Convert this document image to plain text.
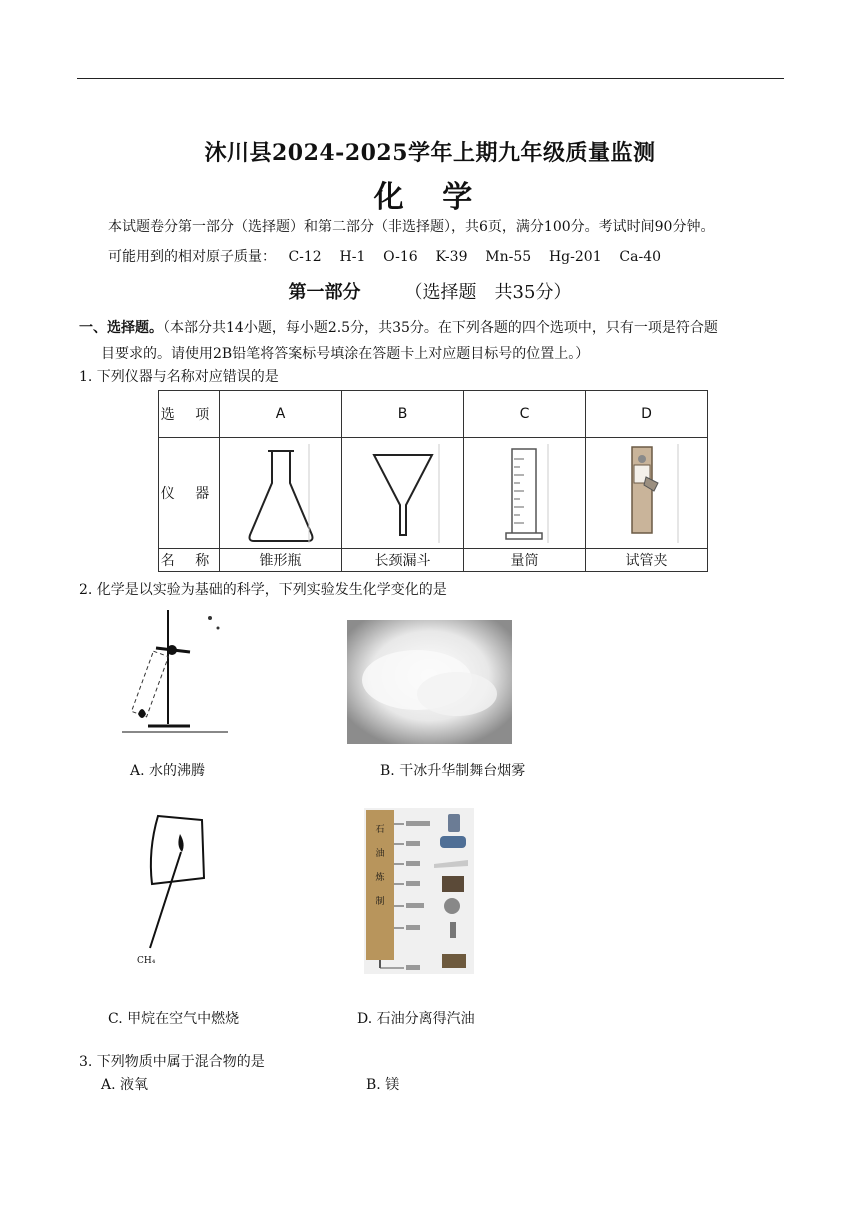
沐川县2024-2025学年上期九年级质量监测
化 学
本试题卷分第一部分（选择题）和第二部分（非选择题），共6页，满分100分。考试时间90分钟。
可能用到的相对原子质量： C-12    H-1    O-16    K-39    Mn-55    Hg-201    Ca-40
第一部分 （选择题　共35分）
一、选择题。（本部分共14小题，每小题2.5分，共35分。在下列各题的四个选项中，只有一项是符合题
目要求的。请使用2B铅笔将答案标号填涂在答题卡上对应题目标号的位置上。）
1. 下列仪器与名称对应错误的是
选 项	A	B	C	D
仪 器	

名 称	锥形瓶	长颈漏斗	量筒	试管夹
2. 化学是以实验为基础的科学，下列实验发生化学变化的是
A. 水的沸腾	B. 干冰升华制舞台烟雾
CH₄
石
油
炼
制
C. 甲烷在空气中燃烧	D. 石油分离得汽油
3. 下列物质中属于混合物的是
A. 液氧	B. 镁
